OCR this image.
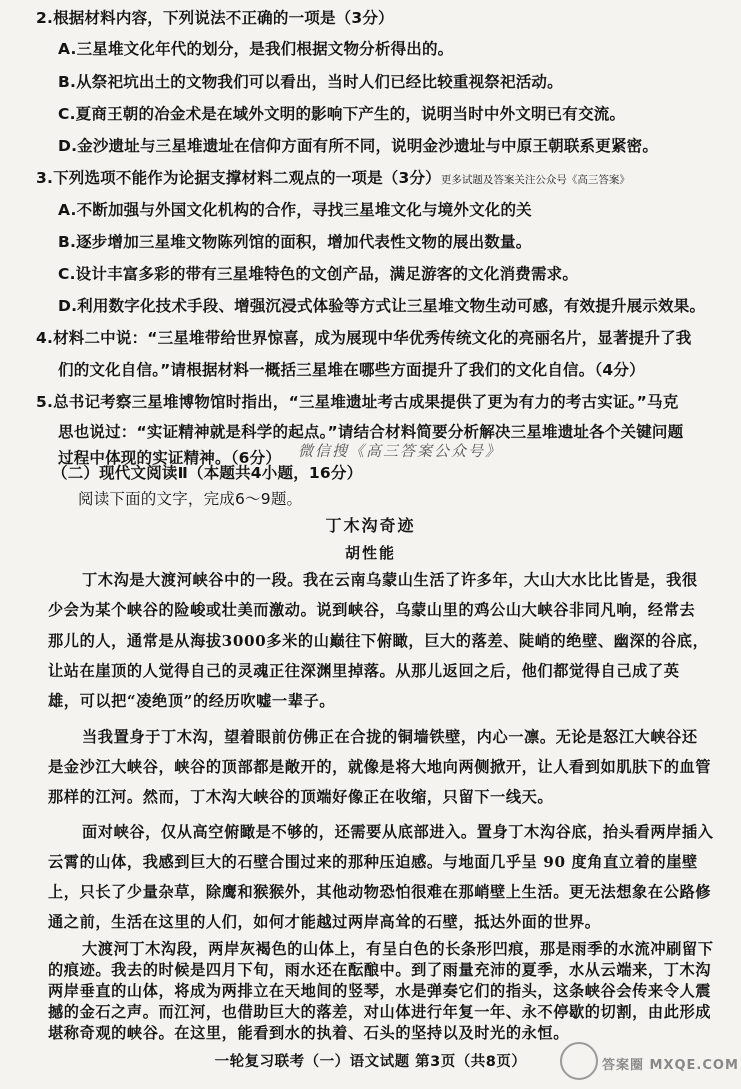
2.根据材料内容，下列说法不正确的一项是（3分）
A.三星堆文化年代的划分，是我们根据文物分析得出的。
B.从祭祀坑出土的文物我们可以看出，当时人们已经比较重视祭祀活动。
C.夏商王朝的冶金术是在域外文明的影响下产生的，说明当时中外文明已有交流。
D.金沙遗址与三星堆遗址在信仰方面有所不同，说明金沙遗址与中原王朝联系更紧密。
3.下列选项不能作为论据支撑材料二观点的一项是（3分）更多试题及答案关注公众号《高三答案》
A.不断加强与外国文化机构的合作，寻找三星堆文化与境外文化的关
B.逐步增加三星堆文物陈列馆的面积，增加代表性文物的展出数量。
C.设计丰富多彩的带有三星堆特色的文创产品，满足游客的文化消费需求。
D.利用数字化技术手段、增强沉浸式体验等方式让三星堆文物生动可感，有效提升展示效果。
4.材料二中说：“三星堆带给世界惊喜，成为展现中华优秀传统文化的亮丽名片，显著提升了我
们的文化自信。”请根据材料一概括三星堆在哪些方面提升了我们的文化自信。（4分）
5.总书记考察三星堆博物馆时指出，“三星堆遗址考古成果提供了更为有力的考古实证。”马克
思也说过：“实证精神就是科学的起点。”请结合材料简要分析解决三星堆遗址各个关键问题
过程中体现的实证精神。（6分）	微信搜《高三答案公众号》
（二）现代文阅读Ⅱ（本题共4小题，16分）
阅读下面的文字，完成6～9题。
丁木沟奇迹
胡性能
丁木沟是大渡河峡谷中的一段。我在云南乌蒙山生活了许多年，大山大水比比皆是，我很
少会为某个峡谷的险峻或壮美而激动。说到峡谷，乌蒙山里的鸡公山大峡谷非同凡响，经常去
那儿的人，通常是从海拔3000多米的山巅往下俯瞰，巨大的落差、陡峭的绝壁、幽深的谷底，
让站在崖顶的人觉得自己的灵魂正往深渊里掉落。从那儿返回之后，他们都觉得自己成了英
雄，可以把“凌绝顶”的经历吹嘘一辈子。
当我置身于丁木沟，望着眼前仿佛正在合拢的铜墙铁壁，内心一凛。无论是怒江大峡谷还
是金沙江大峡谷，峡谷的顶部都是敞开的，就像是将大地向两侧掀开，让人看到如肌肤下的血管
那样的江河。然而，丁木沟大峡谷的顶端好像正在收缩，只留下一线天。
面对峡谷，仅从高空俯瞰是不够的，还需要从底部进入。置身丁木沟谷底，抬头看两岸插入
云霄的山体，我感到巨大的石壁合围过来的那种压迫感。与地面几乎呈 90 度角直立着的崖壁
上，只长了少量杂草，除鹰和猴猴外，其他动物恐怕很难在那峭壁上生活。更无法想象在公路修
通之前，生活在这里的人们，如何才能越过两岸高耸的石壁，抵达外面的世界。
大渡河丁木沟段，两岸灰褐色的山体上，有呈白色的长条形凹痕，那是雨季的水流冲刷留下
的痕迹。我去的时候是四月下旬，雨水还在酝酿中。到了雨量充沛的夏季，水从云端来，丁木沟
两岸垂直的山体，将成为两排立在天地间的竖琴，水是弹奏它们的指头，这条峡谷会传来令人震
一轮复习联考（一）语文试题 第3页（共8页）	答案圈 MXQE.COM
撼的金石之声。而江河，也借助巨大的落差，对山体进行年复一年、永不停歇的切割，由此形成
堪称奇观的峡谷。在这里，能看到水的执着、石头的坚持以及时光的永恒。
